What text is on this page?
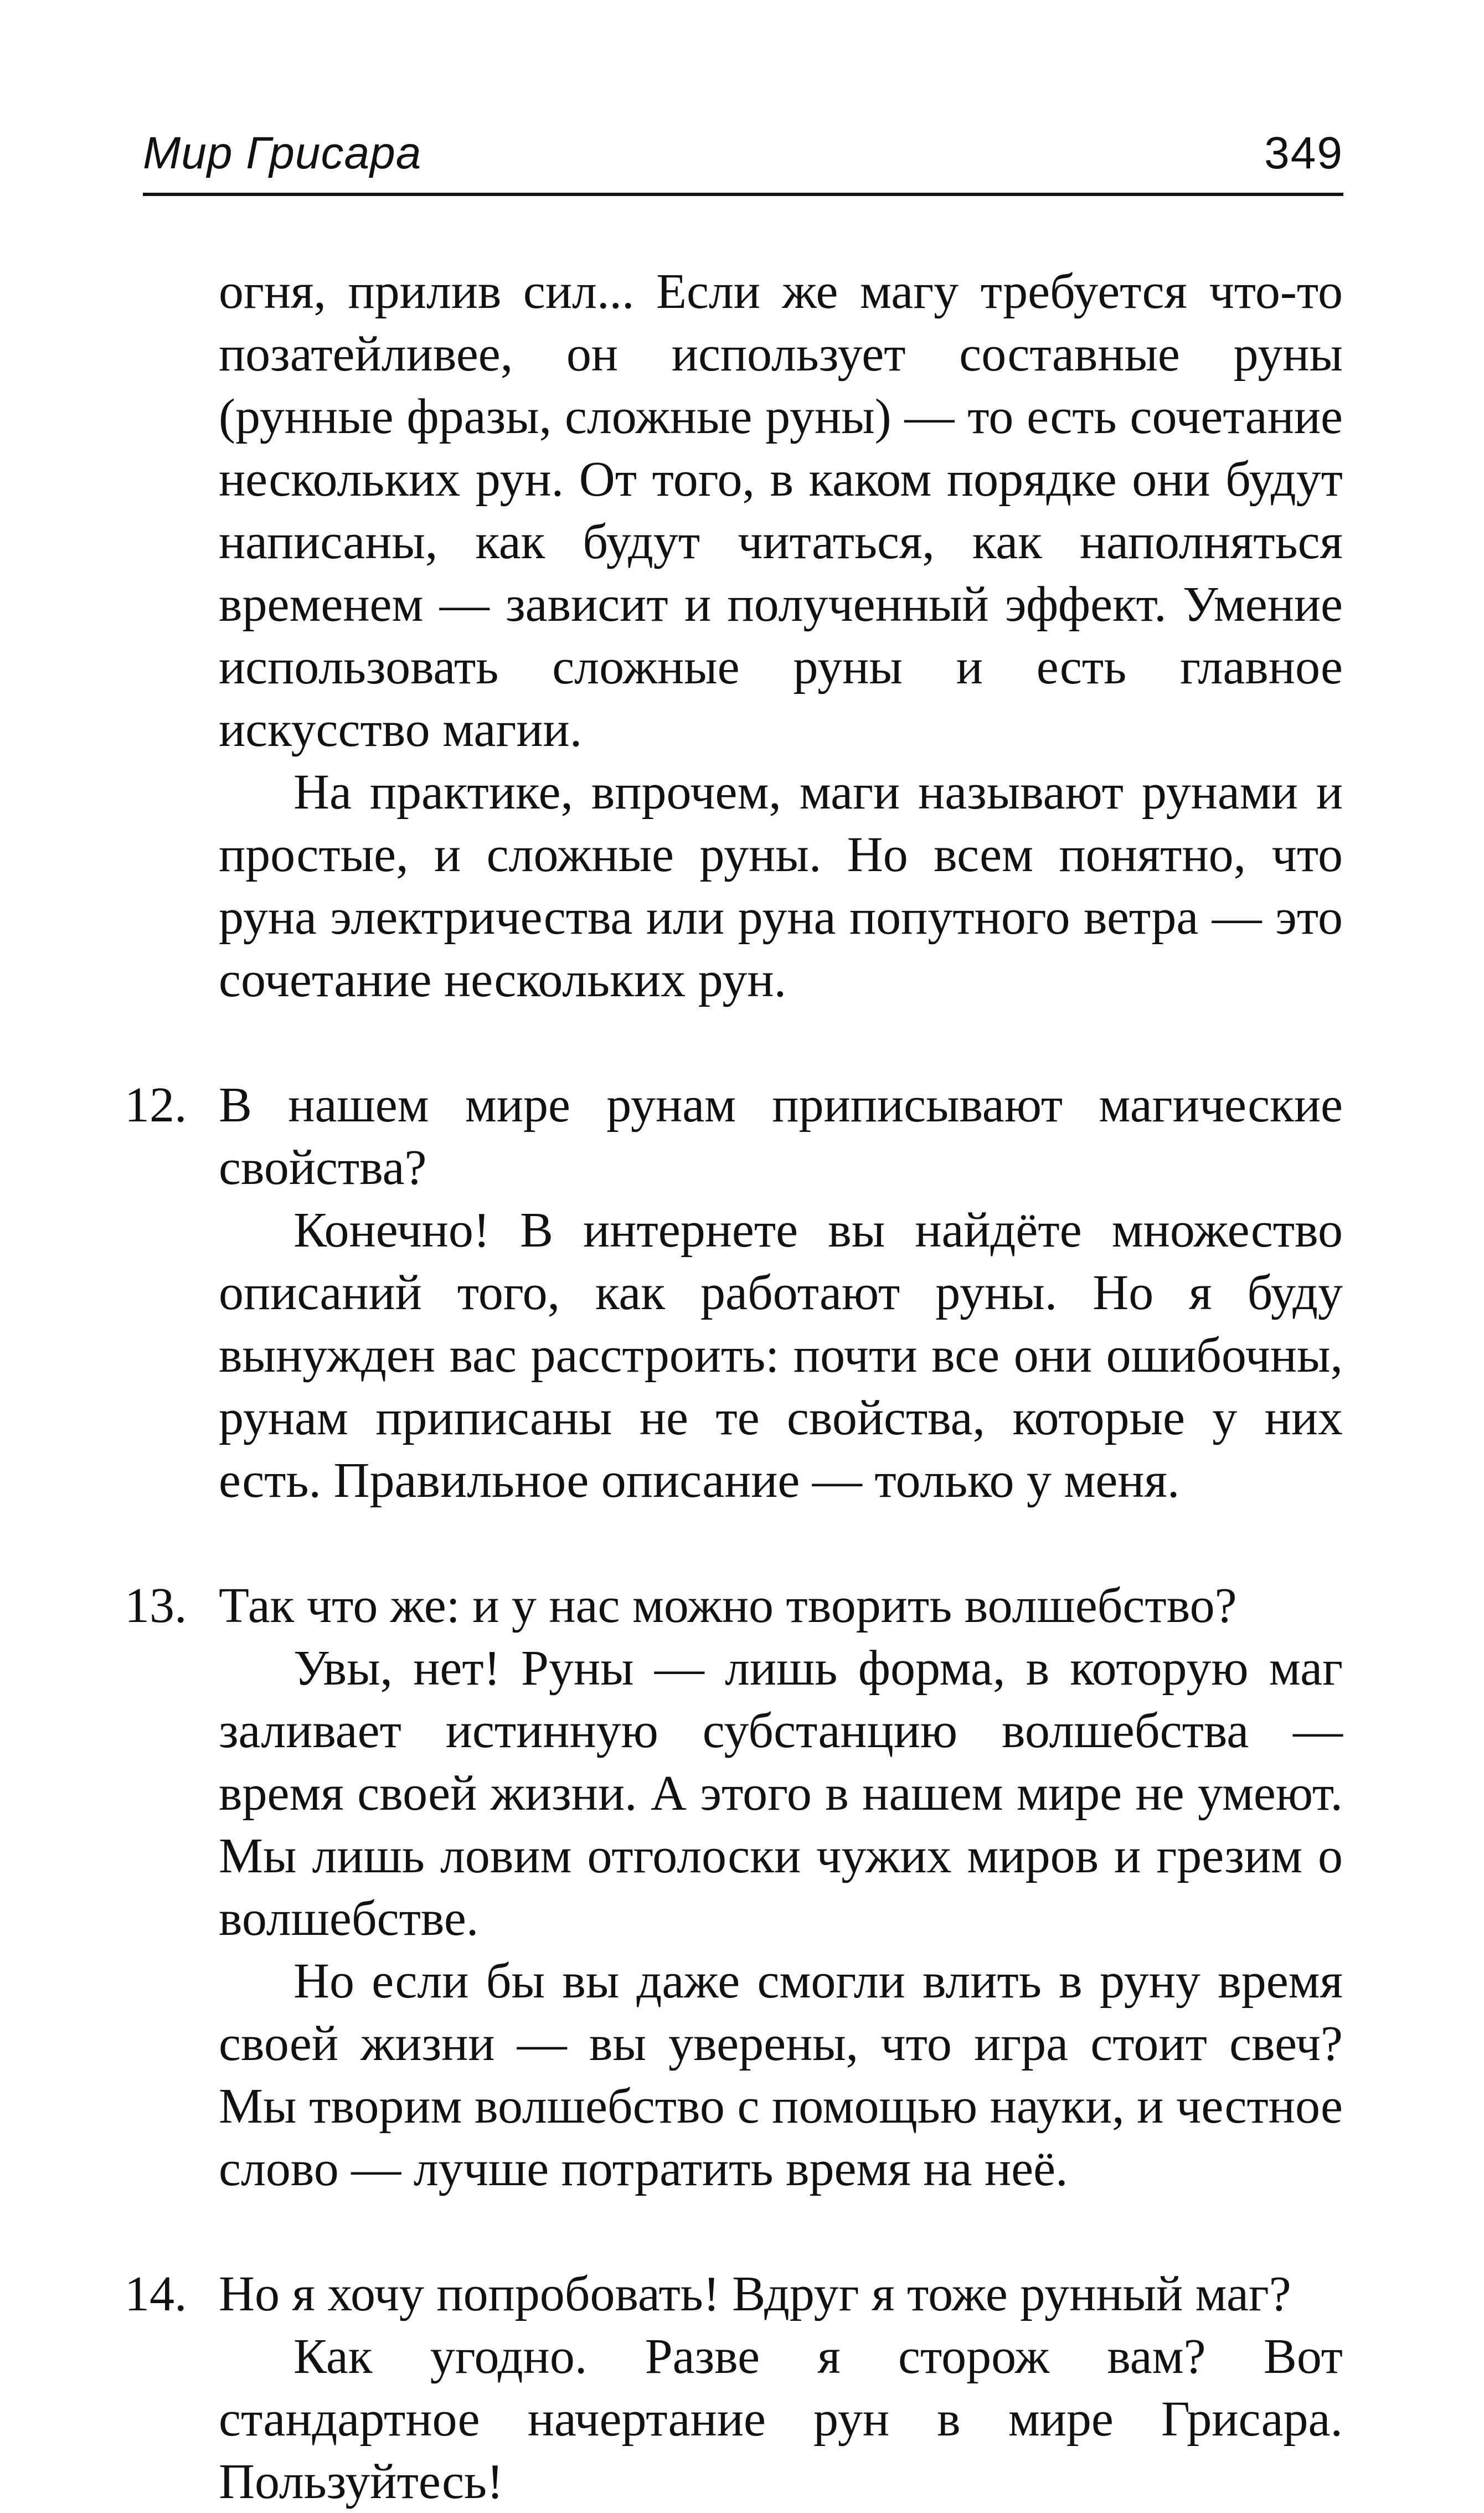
Мир Грисара	349

огня, прилив сил... Если же магу требуется что-то позатейливее, он использует составные руны (рунные фразы, сложные руны) — то есть сочетание нескольких рун. От того, в каком порядке они будут написаны, как будут читаться, как наполняться временем — зависит и полученный эффект. Умение использовать сложные руны и есть главное искусство магии.

На практике, впрочем, маги называют рунами и простые, и сложные руны. Но всем понятно, что руна электричества или руна попутного ветра — это сочетание нескольких рун.

12. В нашем мире рунам приписывают магические свойства?

Конечно! В интернете вы найдёте множество описаний того, как работают руны. Но я буду вынужден вас расстроить: почти все они ошибочны, рунам приписаны не те свойства, которые у них есть. Правильное описание — только у меня.

13. Так что же: и у нас можно творить волшебство?

Увы, нет! Руны — лишь форма, в которую маг заливает истинную субстанцию волшебства — время своей жизни. А этого в нашем мире не умеют. Мы лишь ловим отголоски чужих миров и грезим о волшебстве.

Но если бы вы даже смогли влить в руну время своей жизни — вы уверены, что игра стоит свеч? Мы творим волшебство с помощью науки, и честное слово — лучше потратить время на неё.

14. Но я хочу попробовать! Вдруг я тоже рунный маг?

Как угодно. Разве я сторож вам? Вот стандартное начертание рун в мире Грисара. Пользуйтесь!
